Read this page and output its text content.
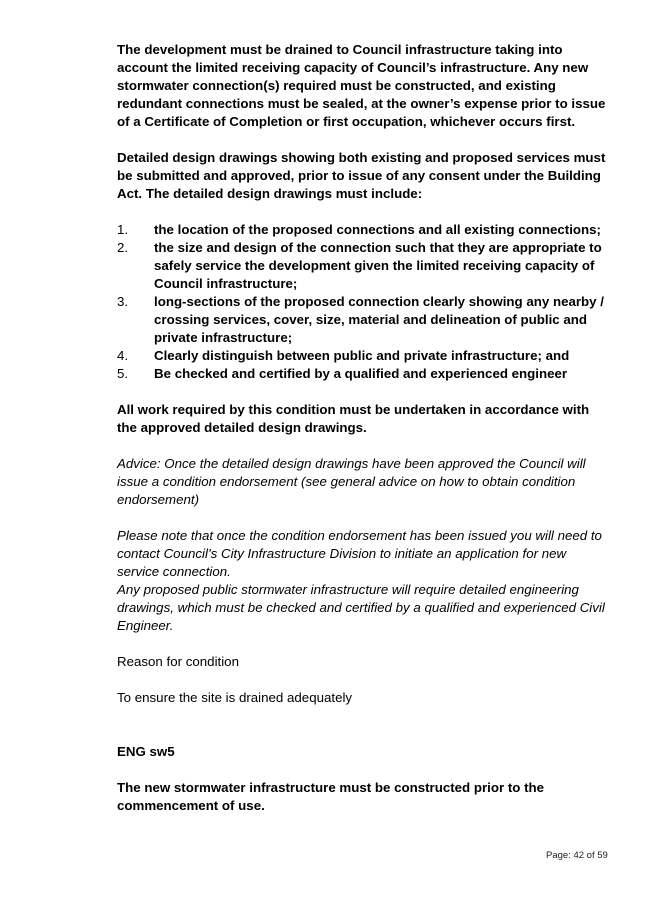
The development must be drained to Council infrastructure taking into account the limited receiving capacity of Council’s infrastructure. Any new stormwater connection(s) required must be constructed, and existing redundant connections must be sealed, at the owner’s expense prior to issue of a Certificate of Completion or first occupation, whichever occurs first.

Detailed design drawings showing both existing and proposed services must be submitted and approved, prior to issue of any consent under the Building Act. The detailed design drawings must include:

1.	the location of the proposed connections and all existing connections;
2.	the size and design of the connection such that they are appropriate to safely service the development given the limited receiving capacity of Council infrastructure;
3.	long-sections of the proposed connection clearly showing any nearby / crossing services, cover, size, material and delineation of public and private infrastructure;
4.	Clearly distinguish between public and private infrastructure; and
5.	Be checked and certified by a qualified and experienced engineer

All work required by this condition must be undertaken in accordance with the approved detailed design drawings.

Advice: Once the detailed design drawings have been approved the Council will issue a condition endorsement (see general advice on how to obtain condition endorsement)

Please note that once the condition endorsement has been issued you will need to contact Council’s City Infrastructure Division to initiate an application for new service connection.

Any proposed public stormwater infrastructure will require detailed engineering drawings, which must be checked and certified by a qualified and experienced Civil Engineer.

Reason for condition

To ensure the site is drained adequately

ENG sw5

The new stormwater infrastructure must be constructed prior to the commencement of use.

Page: 42 of 59
